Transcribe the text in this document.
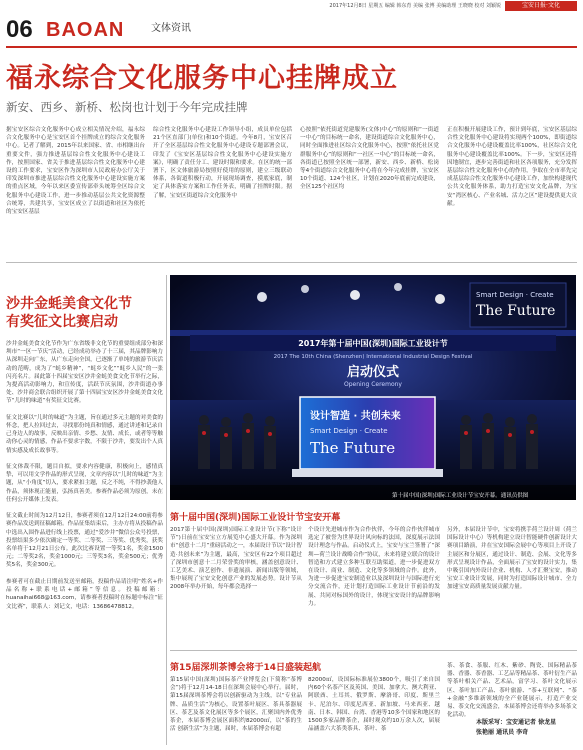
2017年12月8日 星期五 编辑 韩东育 美编 张博 美编助理 王晓晓 校对 刘颖锐	宝安日报·文化
06 BAOAN	文体资讯
福永综合文化服务中心挂牌成立
新安、西乡、新桥、松岗也计划于今年完成挂牌
据宝安区综合文化服务中心成立相关情况介绍，福永综合文化服务中心是宝安区首个挂牌成立的综合文化服务中心。记者了解到，2015年以来国家、省、市相继出台重要文件，强力推进基层综合性文化服务中心建设工作，按照国家、省关于推进基层综合性文化服务中心建设的工作要求，宝安区作为深圳市人民政府办公厅关于印发深圳市推进基层综合性文化服务中心建设实施方案的重点区域，今年以来区委宣传部牵头统筹全区综合文化服务中心建设工作，进一步推动基层公共文化资源整合统筹，共建共享，宝安区成立了以街道和社区为依托的宝安区基层
综合性文化服务中心建设工作领导小组，成员单位包括21个区直部门(单位)和10个街道。今年8月，宝安区召开了全区基层综合性文化服务中心建设专题部署会议，印发了《宝安区基层综合性文化服务中心建设实施方案》，明确了责任分工、建设时限和要求。在区的统一部署下，区文体旅游局按照好使用的原则，建立三级联动体系，各街道积极行动，开展现场调查，摸底家底，制定了具体落实方案和工作任务表，明确了挂牌时限。据了解，宝安区街道综合文化服务中
心按照“依托街道党建服务(文体)中心”的原则和“一街道一中心”的目标统一命名，建设街道综合文化服务中心，同时全面推进社区综合文化服务中心，按照“依托社区党群服务中心”的原则和“一社区一中心”的目标统一命名，各街道已按照全区统一部署，新安、西乡、新桥、松岗等4个街道综合文化服务中心将在今年完成挂牌，宝安区10个街道、124个社区，计划在2020年底前完成建设，全区125个社区均
正在积极开展建设工作，预计到年底，宝安区基层综合性文化服务中心建设将实现两个100%，即街道综合文化服务中心建设覆盖比率100%，社区综合文化服务中心建设覆盖比率100%。下一步，宝安区还将因地制宜，逐步完善街道和社区各项服务，充分发挥基层综合性文化服务中心的作用，争取在全市率先完成基层综合性文化服务中心建设工作，加快构建现代公共文化服务体系，助力打造宝安文化品牌，为宝安“湾区核心、产业名城、活力之区”建设提供更大贡献。
沙井金蚝美食文化节
有奖征文比赛启动
沙井金蚝美食文化节作为广东省级非文化节的重要组成部分和深圳市“一区一节庆”活动，已经成功举办了十三届，其品牌影响力从深圳走向广东，从广东走向全国，已逐渐了单纯的旅游节庆活动的范畴，成为了“蚝乡精神”，“蚝乡文化”“蚝乡人民”的一张闪亮名片。届此第十四届宝安区沙井金蚝美食文化节举行之际，为提高活动影响力，和宣传度，活跃节庆氛围，沙井街道办事处、沙井商会联合组织开展了第十四届宝安区沙井金蚝美食文化节“儿时的味道”有奖征文比赛。

征文比赛以“儿时的味道”为主题，旨在通过多元主题的对美食的怀念，把人拉回过去，寻找那份纯真和情感，通过讲述和记录自己身边人的故事，反映出亲情、乡愁、友情、成长，或者等等触动你心灵的情感，作品不要求字数，不限于沙井，要发出个人真情实感及成长故事等。

征文体裁不限，题目自拟，要求内容健康，积极向上，感情真挚，可以用文学作品的形式呈现，文章内容以“儿时的味道”为主题，从“小角度”切入，要求紧扣主题，反之不纯，不得抄袭他人作品，须体现正能量，弘扬真善美。参赛作品必须为原创，未在任何公开媒体上发表。

征文截止时间为12月12日，参赛者须在12月12日24:00前将参赛作品发送到征稿邮箱。作品征集结束后，主办方将从投稿作品中选出入围作品进行线上投票，通过“爱沙井”微信公众号投票，投票结果多少依次确定一等奖、二等奖、三等奖、优秀奖，获奖名单将于12月21日公布。此次比赛设置一等奖1名，奖金1500元；二等奖2名，奖金1000元；三等奖3名，奖金500元；优秀奖5名，奖金300元。

参赛者可在截止日期前发送至邮箱，投稿作品请注明“姓名+作品名称+联系电话+邮箱”等信息。投稿邮箱：huanaihai668@163.com，请参赛者投稿时在标题中标注“征文比赛”，联系人：刘记文，电话：13686478812。
Smart Design · Create
The Future
2017年第十届中国(深圳)国际工业设计节
2017 The 10th China (Shenzhen) International Industrial Design Festival
启动仪式
Opening Ceremony
设计智造 · 共创未来
Smart Design · Create
The Future
第十届中国(深圳)国际工业设计节宝安开幕。通讯员供图
第十届中国(深圳)国际工业设计节宝安开幕
2017第十届中国(深圳)国际工业设计节(下称“设计节”)日前在宝安宝立方展览中心盛大开幕。作为深圳市“创意十二月”重磅活动之一，本届设计节以“设计智造·共创未来”为主题，最高，宝安区有22个项目超过了深圳市创意十二月荣誉奖的审核，涵盖创意设计、工艺美术、演艺创作、非遗展演、新闻出版等领域，集中展现了宝安文化创意产业的发展态势。设计节从2008年举办开始，每年都会选择一
个设计先进城市作为合作伙伴，今年的合作伙伴城市选定了被誉为世界设计风向标的法国，深度展示法国设计理念与作品。启动仪式上，宝安与宝兰签署了“深圳—荷兰设计战略合作”协议，未来将建立联合的设计智造和方式建立多种互联互助渠道，进一步促进双方在设计、商业、制造、文化等多领域的合作。此外，为进一步促进宝安制造业以及深圳设计与国际进行充分交流合作，还计划打造国际工业设计节前沿的发展、共同对标国外的设计，体现宝安设计的品牌影响力。
另外，本届设计节中，宝安将携手荷兰设计周（荷兰国际设计中心）等机构建立设计智能硬件创新设计大赛项目路演，并在宝安国际会展中心等项目上开设了主展区和分展区，通过设计、制造、会展、文化等多形式呈现设计作品，全面展示了宝安的设计实力，集中吸引国内外设计企业、机构、人才汇聚宝安，推动宝安工业设计发展，同时为打造国际设计城市、全力加速宝安高质量发展贡献力量。
第15届深圳茶博会将于14日盛装起航
第15届中国(深圳)国际茶产业博览会(下简称“茶博会”)将于12月14-18日在深圳会展中心举行。届时，第15届深圳茶博会将以创新驱动为主线，以“专业品牌、品质生活”为核心，设置茶叶展区、茶具茶器展区、茶艺及茶文化展区等多个展区，汇聚国内外优秀茶企，本届茶博会展区面积约82000㎡，以“茶的生活 创新生活”为主题，届时，本届茶博会有超
82000㎡，设国际标准展位3800个，吸引了来自国内60个名茶产区及英国、美国、加拿大、澳大利亚、阿联酋、土耳其、俄罗斯、摩洛哥、印度、斯里兰卡、尼泊尔、印度尼西亚、新加坡、马来西亚、越南、日本、韩国、台湾、香港等10多个国家和地区的1500多家品牌茶企，届时观众约10万余人次，届展品涵盖六大茶类茶具、茶叶、茶
茶、茶食、茶服、红木、紫砂、陶瓷、国际精品茶器、香器、茶香器、工艺品等精品茶、茶叶衍生产品等茶叶相关产品、艺术品，富学习、茶叶文化展示区、茶叶加工产品、茶叶旅游、“茶+互联网”、“茶+金融”多维新领域的全产业链展示，打造产业交易、茶文化交流盛会，本届茶博会还将举办多场茶文化活动。
本版采写：宝安通记者 徐龙星
张艳丽 通讯员 李奇
